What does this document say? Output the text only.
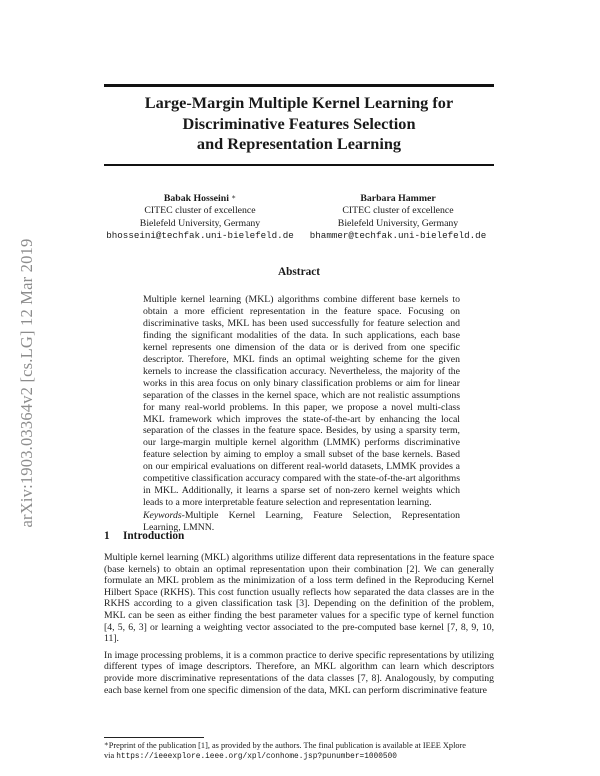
arXiv:1903.03364v2 [cs.LG] 12 Mar 2019
Large-Margin Multiple Kernel Learning for
Discriminative Features Selection
and Representation Learning
Babak Hosseini ∗
CITEC cluster of excellence
Bielefeld University, Germany
bhosseini@techfak.uni-bielefeld.de
Barbara Hammer
CITEC cluster of excellence
Bielefeld University, Germany
bhammer@techfak.uni-bielefeld.de
Abstract

Multiple kernel learning (MKL) algorithms combine different base kernels to obtain a more efficient representation in the feature space. Focusing on discriminative tasks, MKL has been used successfully for feature selection and finding the significant modalities of the data. In such applications, each base kernel represents one dimension of the data or is derived from one specific descriptor. Therefore, MKL finds an optimal weighting scheme for the given kernels to increase the classification accuracy. Nevertheless, the majority of the works in this area focus on only binary classification problems or aim for linear separation of the classes in the kernel space, which are not realistic assumptions for many real-world problems. In this paper, we propose a novel multi-class MKL framework which improves the state-of-the-art by enhancing the local separation of the classes in the feature space. Besides, by using a sparsity term, our large-margin multiple kernel algorithm (LMMK) performs discriminative feature selection by aiming to employ a small subset of the base kernels. Based on our empirical evaluations on different real-world datasets, LMMK provides a competitive classification accuracy compared with the state-of-the-art algorithms in MKL. Additionally, it learns a sparse set of non-zero kernel weights which leads to a more interpretable feature selection and representation learning.

Keywords-Multiple Kernel Learning, Feature Selection, Representation Learning, LMNN.

1 Introduction

Multiple kernel learning (MKL) algorithms utilize different data representations in the feature space (base kernels) to obtain an optimal representation upon their combination [2]. We can generally formulate an MKL problem as the minimization of a loss term defined in the Reproducing Kernel Hilbert Space (RKHS). This cost function usually reflects how separated the data classes are in the RKHS according to a given classification task [3]. Depending on the definition of the problem, MKL can be seen as either finding the best parameter values for a specific type of kernel function [4, 5, 6, 3] or learning a weighting vector associated to the pre-computed base kernel [7, 8, 9, 10, 11].

In image processing problems, it is a common practice to derive specific representations by utilizing different types of image descriptors. Therefore, an MKL algorithm can learn which descriptors provide more discriminative representations of the data classes [7, 8]. Analogously, by computing each base kernel from one specific dimension of the data, MKL can perform discriminative feature

∗Preprint of the publication [1], as provided by the authors. The final publication is available at IEEE Xplore
via https://ieeexplore.ieee.org/xpl/conhome.jsp?punumber=1000500
